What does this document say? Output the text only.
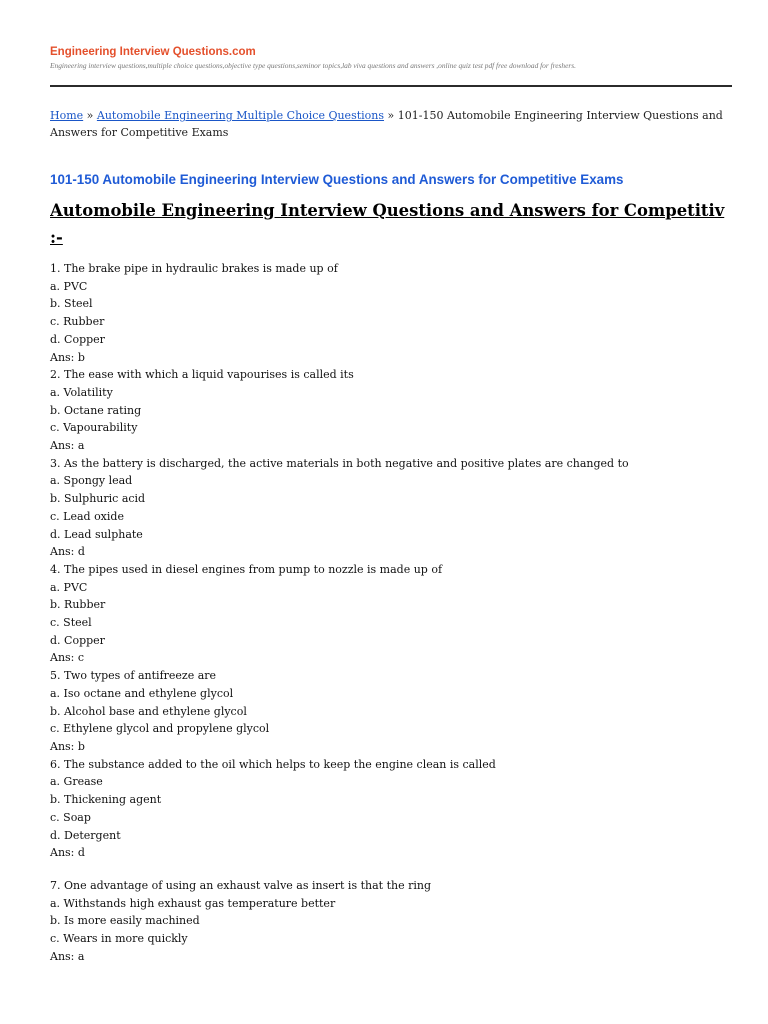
Engineering Interview Questions.com
Engineering interview questions,multiple choice questions,objective type questions,seminor topics,lab viva questions and answers ,online quiz test pdf free download for freshers.
Home » Automobile Engineering Multiple Choice Questions » 101-150 Automobile Engineering Interview Questions and Answers for Competitive Exams
101-150 Automobile Engineering Interview Questions and Answers for Competitive Exams
Automobile Engineering Interview Questions and Answers for Competitiv
:-
1. The brake pipe in hydraulic brakes is made up of
a. PVC
b. Steel
c. Rubber
d. Copper
Ans: b
2. The ease with which a liquid vapourises is called its
a. Volatility
b. Octane rating
c. Vapourability
Ans: a
3. As the battery is discharged, the active materials in both negative and positive plates are changed to
a. Spongy lead
b. Sulphuric acid
c. Lead oxide
d. Lead sulphate
Ans: d
4. The pipes used in diesel engines from pump to nozzle is made up of
a. PVC
b. Rubber
c. Steel
d. Copper
Ans: c
5. Two types of antifreeze are
a. Iso octane and ethylene glycol
b. Alcohol base and ethylene glycol
c. Ethylene glycol and propylene glycol
Ans: b
6. The substance added to the oil which helps to keep the engine clean is called
a. Grease
b. Thickening agent
c. Soap
d. Detergent
Ans: d
7. One advantage of using an exhaust valve as insert is that the ring
a. Withstands high exhaust gas temperature better
b. Is more easily machined
c. Wears in more quickly
Ans: a
